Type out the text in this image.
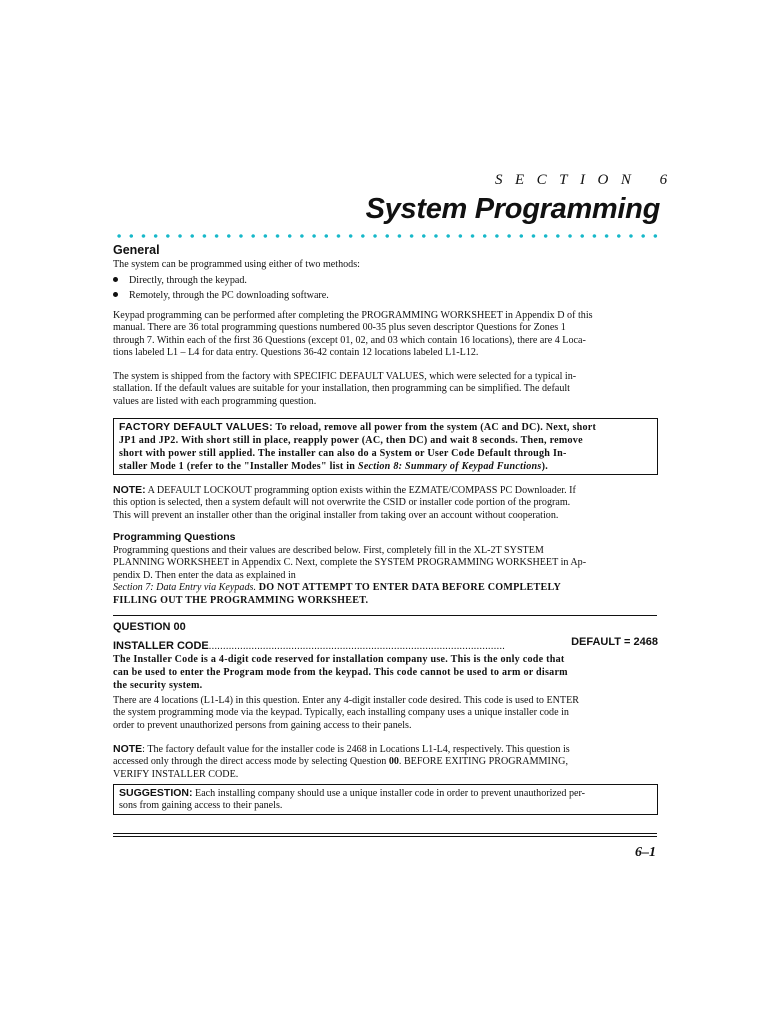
SECTION 6
System Programming
General
The system can be programmed using either of two methods:
Directly, through the keypad.
Remotely, through the PC downloading software.
Keypad programming can be performed after completing the PROGRAMMING WORKSHEET in Appendix D of this
manual. There are 36 total programming questions numbered 00-35 plus seven descriptor Questions for Zones 1
through 7. Within each of the first 36 Questions (except 01, 02, and 03 which contain 16 locations), there are 4 Loca-
tions labeled L1 – L4 for data entry. Questions 36-42 contain 12 locations labeled L1-L12.
The system is shipped from the factory with SPECIFIC DEFAULT VALUES, which were selected for a typical in-
stallation. If the default values are suitable for your installation, then programming can be simplified. The default
values are listed with each programming question.
FACTORY DEFAULT VALUES: To reload, remove all power from the system (AC and DC). Next, short
JP1 and JP2. With short still in place, reapply power (AC, then DC) and wait 8 seconds. Then, remove
short with power still applied. The installer can also do a System or User Code Default through In-
staller Mode 1 (refer to the "Installer Modes" list in Section 8: Summary of Keypad Functions).
NOTE: A DEFAULT LOCKOUT programming option exists within the EZMATE/COMPASS PC Downloader. If
this option is selected, then a system default will not overwrite the CSID or installer code portion of the program.
This will prevent an installer other than the original installer from taking over an account without cooperation.
Programming Questions
Programming questions and their values are described below. First, completely fill in the XL-2T SYSTEM
PLANNING WORKSHEET in Appendix C. Next, complete the SYSTEM PROGRAMMING WORKSHEET in Ap-
pendix D. Then enter the data as explained in
Section 7: Data Entry via Keypads. DO NOT ATTEMPT TO ENTER DATA BEFORE COMPLETELY
FILLING OUT THE PROGRAMMING WORKSHEET.
QUESTION 00
INSTALLER CODE........................................................................................................	DEFAULT = 2468
The Installer Code is a 4-digit code reserved for installation company use. This is the only code that
can be used to enter the Program mode from the keypad. This code cannot be used to arm or disarm
the security system.
There are 4 locations (L1-L4) in this question. Enter any 4-digit installer code desired. This code is used to ENTER
the system programming mode via the keypad. Typically, each installing company uses a unique installer code in
order to prevent unauthorized persons from gaining access to their panels.
NOTE: The factory default value for the installer code is 2468 in Locations L1-L4, respectively. This question is
accessed only through the direct access mode by selecting Question 00. BEFORE EXITING PROGRAMMING,
VERIFY INSTALLER CODE.
SUGGESTION: Each installing company should use a unique installer code in order to prevent unauthorized per-
sons from gaining access to their panels.
6–1
